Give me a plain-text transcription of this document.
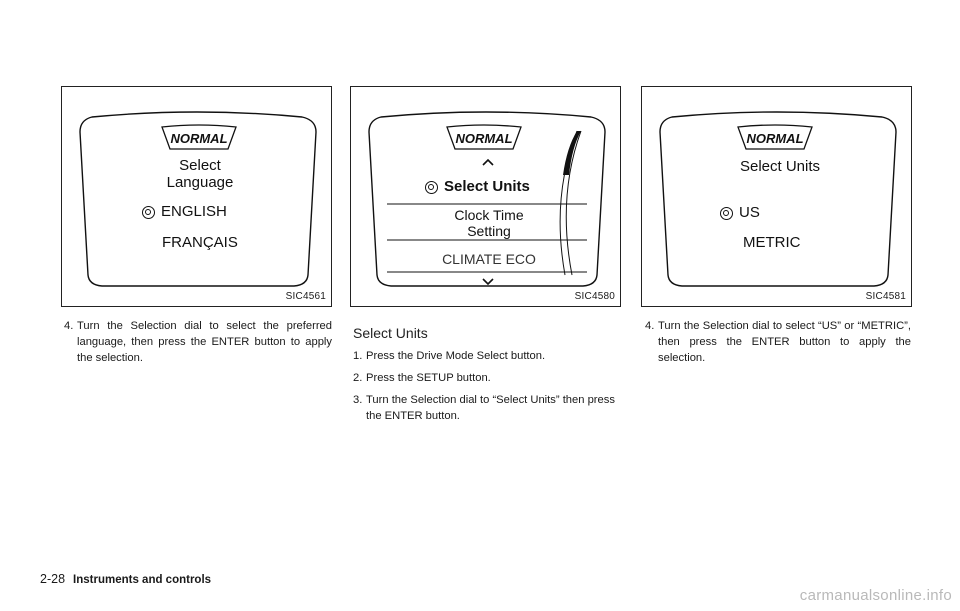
NORMAL
Select
Language
ENGLISH
FRANÇAIS
SIC4561
NORMAL
Select Units
Clock Time
Setting
CLIMATE ECO
SIC4580
NORMAL
Select Units
US
METRIC
SIC4581
4. Turn the Selection dial to select the preferred language, then press the ENTER button to apply the selection.
Select Units
1. Press the Drive Mode Select button.
2. Press the SETUP button.
3. Turn the Selection dial to “Select Units” then press the ENTER button.
4. Turn the Selection dial to select “US” or “METRIC”, then press the ENTER button to apply the selection.
2-28 Instruments and controls
carmanualsonline.info
